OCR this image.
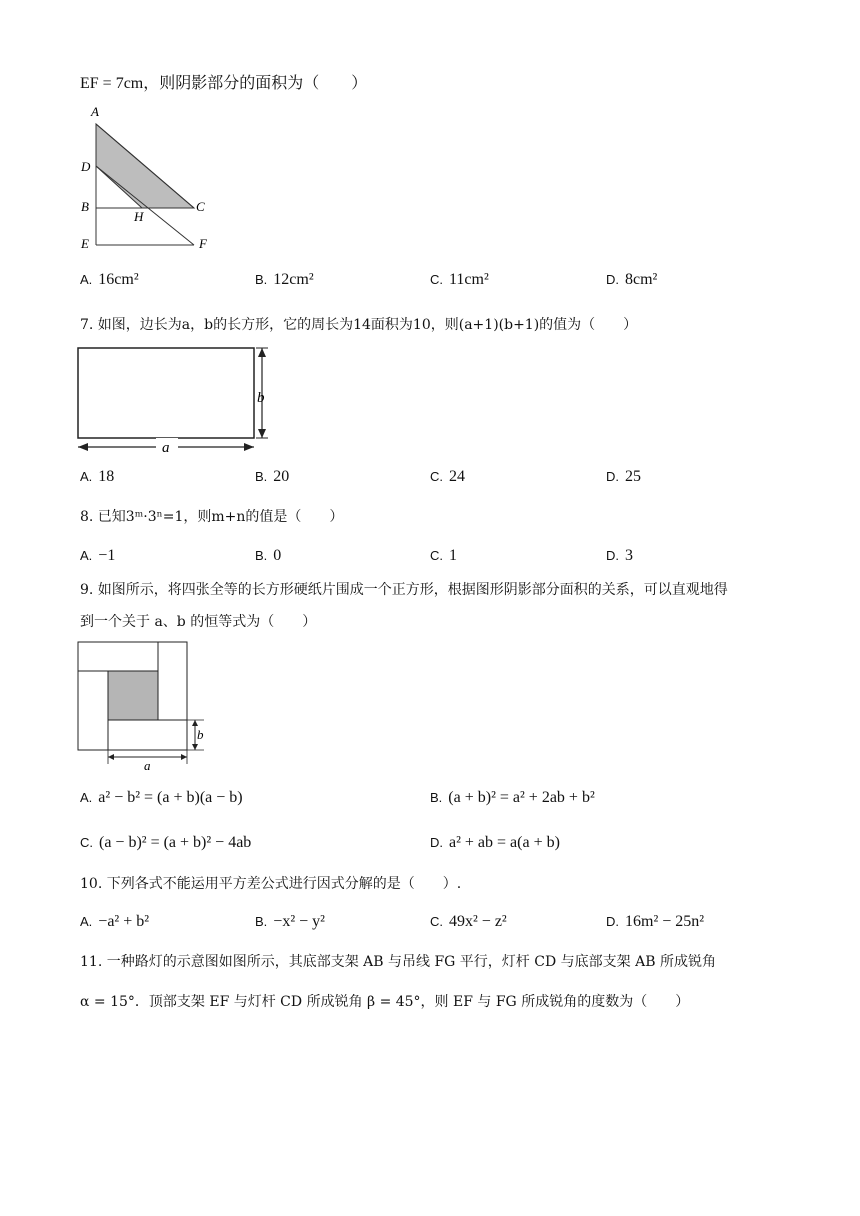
EF = 7cm，则阴影部分的面积为（　　）
A
D
B	C
H
E	F
A. 16cm²	B. 12cm²	C. 11cm²	D. 8cm²
7. 如图，边长为a，b的长方形，它的周长为14面积为10，则(a+1)(b+1)的值为（　　）
b
a
A. 18	B. 20	C. 24	D. 25
8. 已知3ᵐ·3ⁿ=1，则m+n的值是（　　）
A. −1	B. 0	C. 1	D. 3
9. 如图所示，将四张全等的长方形硬纸片围成一个正方形，根据图形阴影部分面积的关系，可以直观地得
到一个关于 a、b 的恒等式为（　　）
b
a
A. a² − b² = (a + b)(a − b)	B. (a + b)² = a² + 2ab + b²
C. (a − b)² = (a + b)² − 4ab	D. a² + ab = a(a + b)
10. 下列各式不能运用平方差公式进行因式分解的是（　　）.
A. −a² + b²	B. −x² − y²	C. 49x² − z²	D. 16m² − 25n²
11. 一种路灯的示意图如图所示，其底部支架 AB 与吊线 FG 平行，灯杆 CD 与底部支架 AB 所成锐角
α = 15°．顶部支架 EF 与灯杆 CD 所成锐角 β = 45°，则 EF 与 FG 所成锐角的度数为（　　）
